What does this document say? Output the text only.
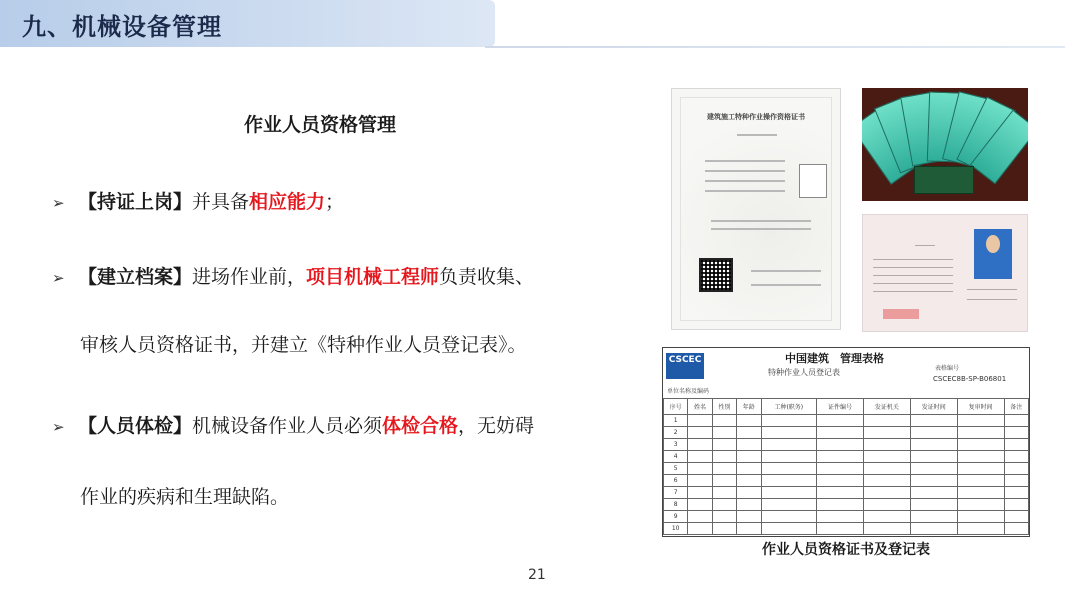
九、机械设备管理
作业人员资格管理
➢ 【持证上岗】并具备相应能力；
➢ 【建立档案】进场作业前，项目机械工程师负责收集、
审核人员资格证书，并建立《特种作业人员登记表》。
➢ 【人员体检】机械设备作业人员必须体检合格，无妨碍
作业的疾病和生理缺陷。
建筑施工特种作业操作资格证书
CSCEC	中国建筑　管理表格
特种作业人员登记表	表格编号
CSCEC8B-SP-B06801
单位名称及编码
序号	姓名	性别	年龄	工种(职务)	证件编号	发证机关	发证时间	复审时间	备注
1									
2									
3									
4									
5									
6									
7									
8									
9									
10									
作业人员资格证书及登记表
21
